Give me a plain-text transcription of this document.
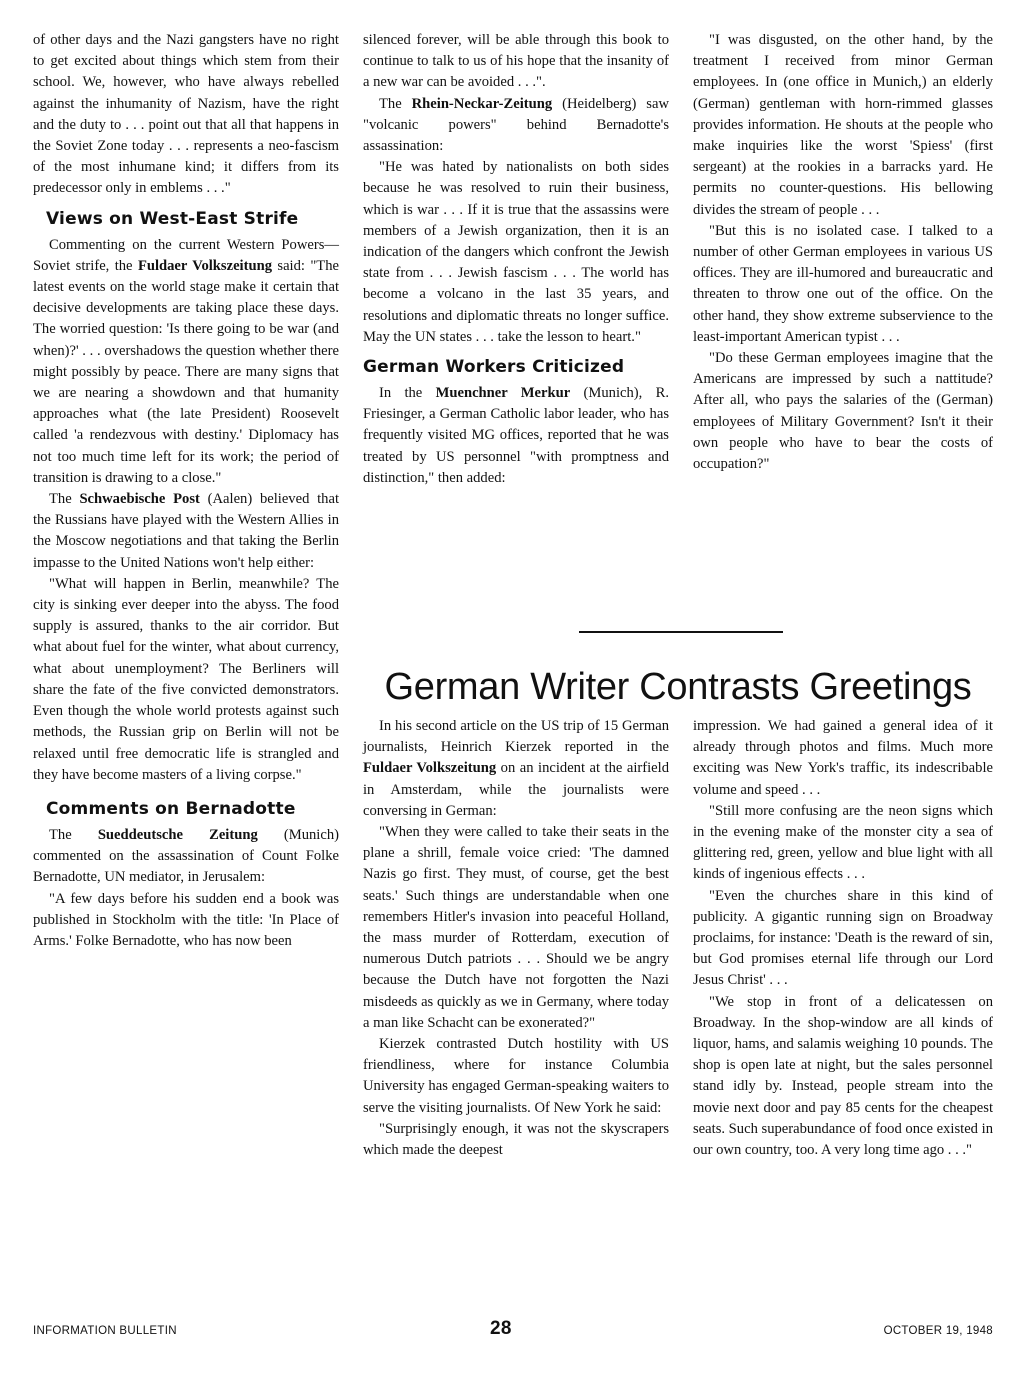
of other days and the Nazi gangsters have no right to get excited about things which stem from their school. We, however, who have always rebelled against the inhumanity of Nazism, have the right and the duty to . . . point out that all that happens in the Soviet Zone today . . . represents a neo-fascism of the most inhumane kind; it differs from its predecessor only in emblems . . ."

Views on West-East Strife

Commenting on the current Western Powers—Soviet strife, the Fuldaer Volkszeitung said: "The latest events on the world stage make it certain that decisive developments are taking place these days. The worried question: 'Is there going to be war (and when)?' . . . overshadows the question whether there might possibly by peace. There are many signs that we are nearing a showdown and that humanity approaches what (the late President) Roosevelt called 'a rendezvous with destiny.' Diplomacy has not too much time left for its work; the period of transition is drawing to a close."

The Schwaebische Post (Aalen) believed that the Russians have played with the Western Allies in the Moscow negotiations and that taking the Berlin impasse to the United Nations won't help either:

"What will happen in Berlin, meanwhile? The city is sinking ever deeper into the abyss. The food supply is assured, thanks to the air corridor. But what about fuel for the winter, what about currency, what about unemployment? The Berliners will share the fate of the five convicted demonstrators. Even though the whole world protests against such methods, the Russian grip on Berlin will not be relaxed until free democratic life is strangled and they have become masters of a living corpse."

Comments on Bernadotte

The Sueddeutsche Zeitung (Munich) commented on the assassination of Count Folke Bernadotte, UN mediator, in Jerusalem:

"A few days before his sudden end a book was published in Stockholm with the title: 'In Place of Arms.' Folke Bernadotte, who has now been

silenced forever, will be able through this book to continue to talk to us of his hope that the insanity of a new war can be avoided . . .".

The Rhein-Neckar-Zeitung (Heidelberg) saw "volcanic powers" behind Bernadotte's assassination:

"He was hated by nationalists on both sides because he was resolved to ruin their business, which is war . . . If it is true that the assassins were members of a Jewish organization, then it is an indication of the dangers which confront the Jewish state from . . . Jewish fascism . . . The world has become a volcano in the last 35 years, and resolutions and diplomatic threats no longer suffice. May the UN states . . . take the lesson to heart."

German Workers Criticized

In the Muenchner Merkur (Munich), R. Friesinger, a German Catholic labor leader, who has frequently visited MG offices, reported that he was treated by US personnel "with promptness and distinction," then added:

"I was disgusted, on the other hand, by the treatment I received from minor German employees. In (one office in Munich,) an elderly (German) gentleman with horn-rimmed glasses provides information. He shouts at the people who make inquiries like the worst 'Spiess' (first sergeant) at the rookies in a barracks yard. He permits no counter-questions. His bellowing divides the stream of people . . .

"But this is no isolated case. I talked to a number of other German employees in various US offices. They are ill-humored and bureaucratic and threaten to throw one out of the office. On the other hand, they show extreme subservience to the least-important American typist . . .

"Do these German employees imagine that the Americans are impressed by such a nattitude? After all, who pays the salaries of the (German) employees of Military Government? Isn't it their own people who have to bear the costs of occupation?"

German Writer Contrasts Greetings

In his second article on the US trip of 15 German journalists, Heinrich Kierzek reported in the Fuldaer Volkszeitung on an incident at the airfield in Amsterdam, while the journalists were conversing in German:

"When they were called to take their seats in the plane a shrill, female voice cried: 'The damned Nazis go first. They must, of course, get the best seats.' Such things are understandable when one remembers Hitler's invasion into peaceful Holland, the mass murder of Rotterdam, execution of numerous Dutch patriots . . . Should we be angry because the Dutch have not forgotten the Nazi misdeeds as quickly as we in Germany, where today a man like Schacht can be exonerated?"

Kierzek contrasted Dutch hostility with US friendliness, where for instance Columbia University has engaged German-speaking waiters to serve the visiting journalists. Of New York he said:

"Surprisingly enough, it was not the skyscrapers which made the deepest

impression. We had gained a general idea of it already through photos and films. Much more exciting was New York's traffic, its indescribable volume and speed . . .

"Still more confusing are the neon signs which in the evening make of the monster city a sea of glittering red, green, yellow and blue light with all kinds of ingenious effects . . .

"Even the churches share in this kind of publicity. A gigantic running sign on Broadway proclaims, for instance: 'Death is the reward of sin, but God promises eternal life through our Lord Jesus Christ' . . .

"We stop in front of a delicatessen on Broadway. In the shop-window are all kinds of liquor, hams, and salamis weighing 10 pounds. The shop is open late at night, but the sales personnel stand idly by. Instead, people stream into the movie next door and pay 85 cents for the cheapest seats. Such superabundance of food once existed in our own country, too. A very long time ago . . ."

INFORMATION BULLETIN	28	OCTOBER 19, 1948
